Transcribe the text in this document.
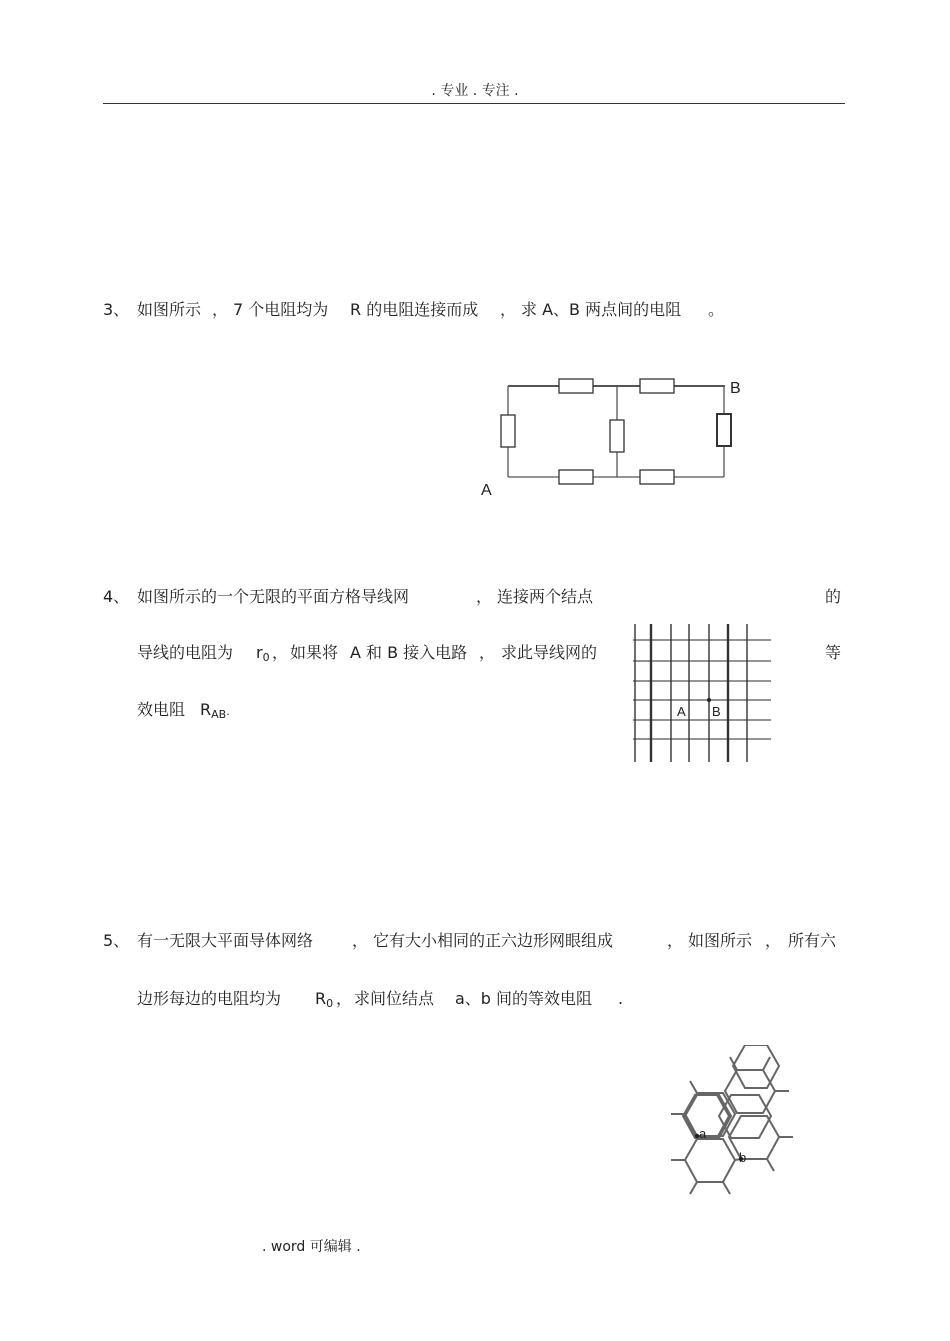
. 专业 . 专注 .
3、 如图所示 ， 7 个电阻均为 R 的电阻连接而成 ， 求 A、B 两点间的电阻 。
B
A
4、 如图所示的一个无限的平面方格导线网	， 连接两个结点	的
导线的电阻为 $r_0$ ， 如果将 A 和 B 接入电路 ， 求此导线网的	等
效电阻 $R_{AB}$.	A B
5、 有一无限大平面导体网络 ， 它有大小相同的正六边形网眼组成	， 如图所示 ， 所有六
边形每边的电阻均为 $R_0$ ， 求间位结点 a、b 间的等效电阻 .
a
b
. word 可编辑 .
